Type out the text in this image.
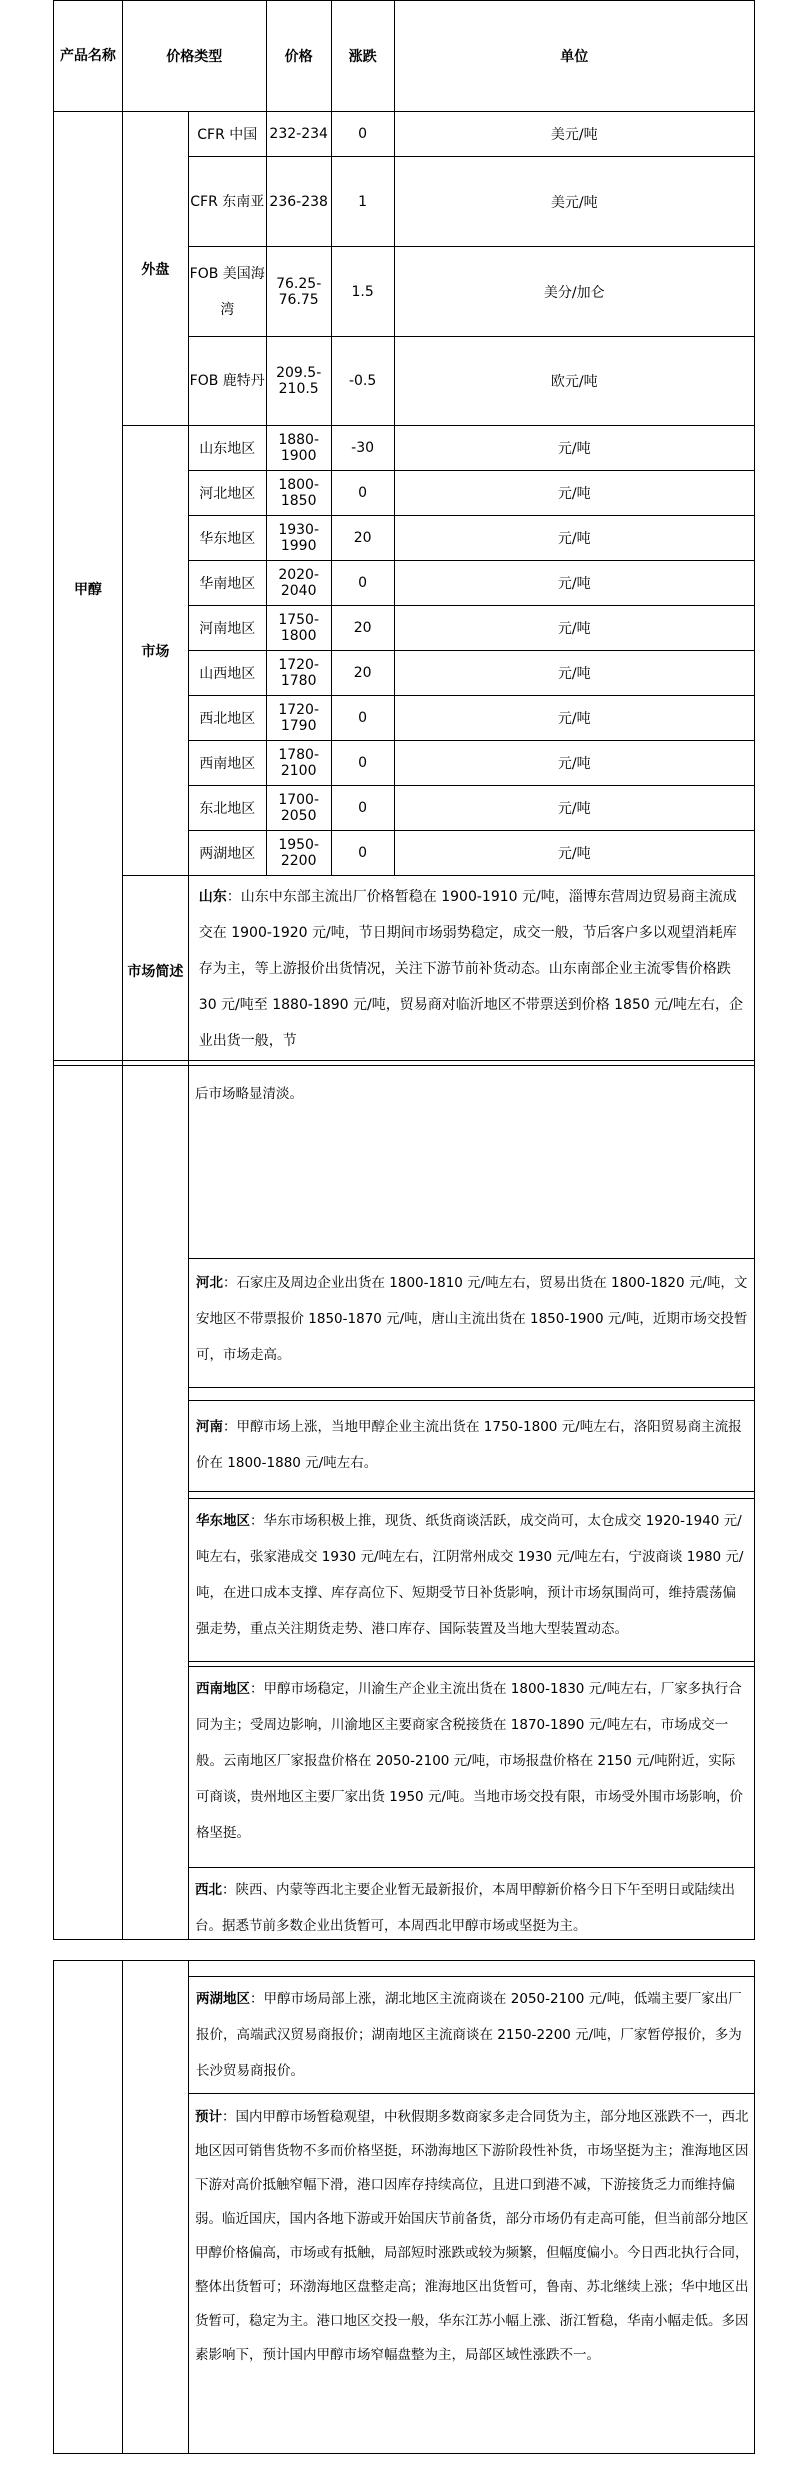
产品名称	价格类型		价格	涨跌	单位
甲醇	外盘	CFR 中国	232-234	0	美元/吨
		CFR 东南亚	236-238	1	美元/吨
		FOB 美国海湾	76.25-76.75	1.5	美分/加仑
		FOB 鹿特丹	209.5-210.5	-0.5	欧元/吨
	市场	山东地区	1880-1900	-30	元/吨
		河北地区	1800-1850	0	元/吨
		华东地区	1930-1990	20	元/吨
		华南地区	2020-2040	0	元/吨
		河南地区	1750-1800	20	元/吨
		山西地区	1720-1780	20	元/吨
		西北地区	1720-1790	0	元/吨
		西南地区	1780-2100	0	元/吨
		东北地区	1700-2050	0	元/吨
		两湖地区	1950-2200	0	元/吨
	市场简述	山东：山东中东部主流出厂价格暂稳在 1900-1910 元/吨，淄博东营周边贸易商主流成交在 1900-1920 元/吨，节日期间市场弱势稳定，成交一般，节后客户多以观望消耗库存为主，等上游报价出货情况，关注下游节前补货动态。山东南部企业主流零售价格跌 30 元/吨至 1880-1890 元/吨，贸易商对临沂地区不带票送到价格 1850 元/吨左右，企业出货一般，节			
后市场略显清淡。
河北：石家庄及周边企业出货在 1800-1810 元/吨左右，贸易出货在 1800-1820 元/吨，文安地区不带票报价 1850-1870 元/吨，唐山主流出货在 1850-1900 元/吨，近期市场交投暂可，市场走高。
河南：甲醇市场上涨，当地甲醇企业主流出货在 1750-1800 元/吨左右，洛阳贸易商主流报价在 1800-1880 元/吨左右。
华东地区：华东市场积极上推，现货、纸货商谈活跃，成交尚可，太仓成交 1920-1940 元/吨左右，张家港成交 1930 元/吨左右，江阴常州成交 1930 元/吨左右，宁波商谈 1980 元/吨，在进口成本支撑、库存高位下、短期受节日补货影响，预计市场氛围尚可，维持震荡偏强走势，重点关注期货走势、港口库存、国际装置及当地大型装置动态。
西南地区：甲醇市场稳定，川渝生产企业主流出货在 1800-1830 元/吨左右，厂家多执行合同为主；受周边影响，川渝地区主要商家含税接货在 1870-1890 元/吨左右，市场成交一般。云南地区厂家报盘价格在 2050-2100 元/吨，市场报盘价格在 2150 元/吨附近，实际可商谈，贵州地区主要厂家出货 1950 元/吨。当地市场交投有限，市场受外围市场影响，价格坚挺。
西北：陕西、内蒙等西北主要企业暂无最新报价，本周甲醇新价格今日下午至明日或陆续出台。据悉节前多数企业出货暂可，本周西北甲醇市场或坚挺为主。
两湖地区：甲醇市场局部上涨，湖北地区主流商谈在 2050-2100 元/吨，低端主要厂家出厂报价，高端武汉贸易商报价；湖南地区主流商谈在 2150-2200 元/吨，厂家暂停报价，多为长沙贸易商报价。
预计：国内甲醇市场暂稳观望，中秋假期多数商家多走合同货为主，部分地区涨跌不一，西北地区因可销售货物不多而价格坚挺，环渤海地区下游阶段性补货，市场坚挺为主；淮海地区因下游对高价抵触窄幅下滑，港口因库存持续高位，且进口到港不减，下游接货乏力而维持偏弱。临近国庆，国内各地下游或开始国庆节前备货，部分市场仍有走高可能，但当前部分地区甲醇价格偏高，市场或有抵触，局部短时涨跌或较为频繁，但幅度偏小。今日西北执行合同，整体出货暂可；环渤海地区盘整走高；淮海地区出货暂可，鲁南、苏北继续上涨；华中地区出货暂可，稳定为主。港口地区交投一般，华东江苏小幅上涨、浙江暂稳，华南小幅走低。多因素影响下，预计国内甲醇市场窄幅盘整为主，局部区域性涨跌不一。
